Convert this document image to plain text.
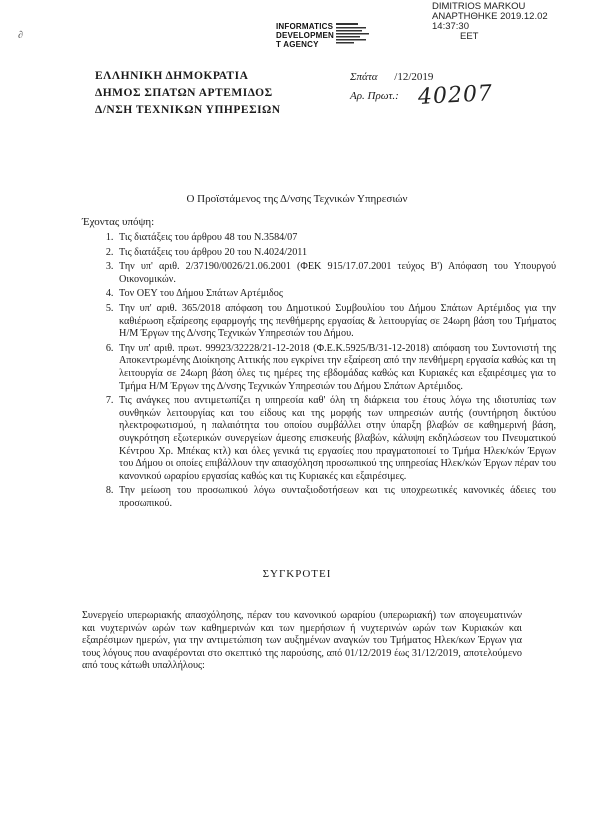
DIMITRIOS MARKOU
ΑΝΑΡΤΗΘΗΚΕ 2019.12.02 14:37:30
EET
INFORMATICS
DEVELOPMEN
T AGENCY
∂
ΕΛΛΗΝΙΚΗ ΔΗΜΟΚΡΑΤΙΑ
ΔΗΜΟΣ ΣΠΑΤΩΝ ΑΡΤΕΜΙΔΟΣ
Δ/ΝΣΗ ΤΕΧΝΙΚΩΝ ΥΠΗΡΕΣΙΩΝ
Σπάτα /12/2019
Αρ. Πρωτ.: 40207
Ο Προϊστάμενος της Δ/νσης Τεχνικών Υπηρεσιών
Έχοντας υπόψη:
1. Τις διατάξεις του άρθρου 48 του Ν.3584/07
2. Τις διατάξεις του άρθρου 20 του Ν.4024/2011
3. Την υπ' αριθ. 2/37190/0026/21.06.2001 (ΦΕΚ 915/17.07.2001 τεύχος Β') Απόφαση του Υπουργού Οικονομικών.
4. Τον ΟΕΥ του Δήμου Σπάτων Αρτέμιδος
5. Την υπ' αριθ. 365/2018 απόφαση του Δημοτικού Συμβουλίου του Δήμου Σπάτων Αρτέμιδος για την καθιέρωση εξαίρεσης εφαρμογής της πενθήμερης εργασίας & λειτουργίας σε 24ωρη βάση του Τμήματος Η/Μ Έργων της Δ/νσης Τεχνικών Υπηρεσιών του Δήμου.
6. Την υπ' αριθ. πρωτ. 99923/32228/21-12-2018 (Φ.Ε.Κ.5925/Β/31-12-2018) απόφαση του Συντονιστή της Αποκεντρωμένης Διοίκησης Αττικής που εγκρίνει την εξαίρεση από την πενθήμερη εργασία καθώς και τη λειτουργία σε 24ωρη βάση όλες τις ημέρες της εβδομάδας καθώς και Κυριακές και εξαιρέσιμες για το Τμήμα Η/Μ Έργων της Δ/νσης Τεχνικών Υπηρεσιών του Δήμου Σπάτων Αρτέμιδος.
7. Τις ανάγκες που αντιμετωπίζει η υπηρεσία καθ' όλη τη διάρκεια του έτους λόγω της ιδιοτυπίας των συνθηκών λειτουργίας και του είδους και της μορφής των υπηρεσιών αυτής (συντήρηση δικτύου ηλεκτροφωτισμού, η παλαιότητα του οποίου συμβάλλει στην ύπαρξη βλαβών σε καθημερινή βάση, συγκρότηση εξωτερικών συνεργείων άμεσης επισκευής βλαβών, κάλυψη εκδηλώσεων του Πνευματικού Κέντρου Χρ. Μπέκας κτλ) και όλες γενικά τις εργασίες που πραγματοποιεί το Τμήμα Ηλεκ/κών Έργων του Δήμου οι οποίες επιβάλλουν την απασχόληση προσωπικού της υπηρεσίας Ηλεκ/κών Έργων πέραν του κανονικού ωραρίου εργασίας καθώς και τις Κυριακές και εξαιρέσιμες.
8. Την μείωση του προσωπικού λόγω συνταξιοδοτήσεων και τις υποχρεωτικές κανονικές άδειες του προσωπικού.
ΣΥΓΚΡΟΤΕΙ
Συνεργείο υπερωριακής απασχόλησης, πέραν του κανονικού ωραρίου (υπερωριακή) των απογευματινών και νυχτερινών ωρών των καθημερινών και των ημερήσιων ή νυχτερινών ωρών των Κυριακών και εξαιρέσιμων ημερών, για την αντιμετώπιση των αυξημένων αναγκών του Τμήματος Ηλεκ/κων Έργων για τους λόγους που αναφέρονται στο σκεπτικό της παρούσης, από 01/12/2019 έως 31/12/2019, αποτελούμενο από τους κάτωθι υπαλλήλους:
